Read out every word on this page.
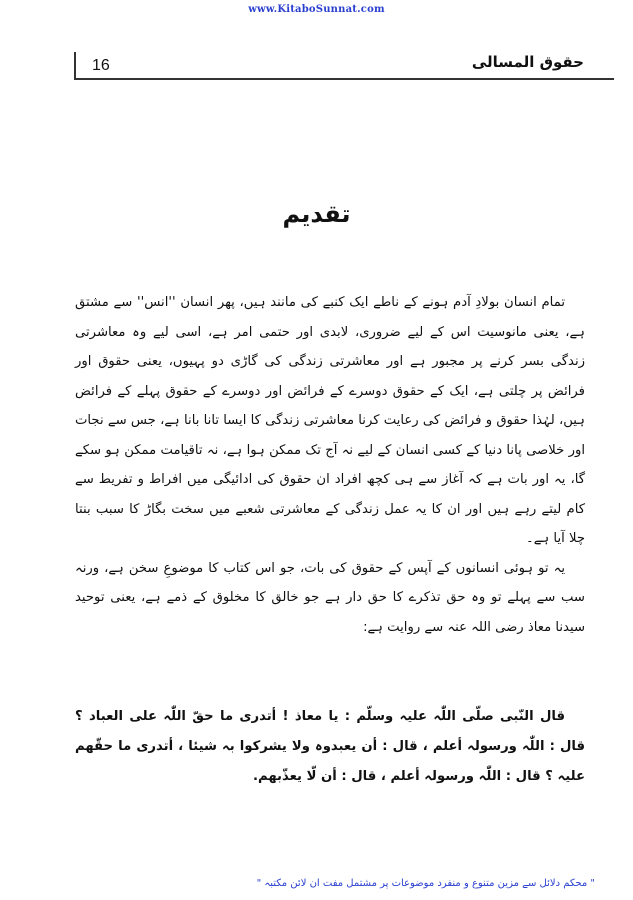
www.KitaboSunnat.com
16	حقوق المسالی
تقدیم

تمام انسان بولادِ آدم ہونے کے ناطے ایک کنبے کی مانند ہیں، پھر انسان ''انس'' سے مشتق ہے، یعنی مانوسیت اس کے لیے ضروری، لابدی اور حتمی امر ہے، اسی لیے وہ معاشرتی زندگی بسر کرنے پر مجبور ہے اور معاشرتی زندگی کی گاڑی دو پہیوں، یعنی حقوق اور فرائض پر چلتی ہے، ایک کے حقوق دوسرے کے فرائض اور دوسرے کے حقوق پہلے کے فرائض ہیں، لہٰذا حقوق و فرائض کی رعایت کرنا معاشرتی زندگی کا ایسا تانا بانا ہے، جس سے نجات اور خلاصی پانا دنیا کے کسی انسان کے لیے نہ آج تک ممکن ہوا ہے، نہ تاقیامت ممکن ہو سکے گا، یہ اور بات ہے کہ آغاز سے ہی کچھ افراد ان حقوق کی ادائیگی میں افراط و تفریط سے کام لیتے رہے ہیں اور ان کا یہ عمل زندگی کے معاشرتی شعبے میں سخت بگاڑ کا سبب بنتا چلا آیا ہے۔

یہ تو ہوئی انسانوں کے آپس کے حقوق کی بات، جو اس کتاب کا موضوعِ سخن ہے، ورنہ سب سے پہلے تو وہ حق تذکرے کا حق دار ہے جو خالق کا مخلوق کے ذمے ہے، یعنی توحید سیدنا معاذ رضی اللہ عنہ سے روایت ہے:

قال النّبی صلّی اللّٰہ علیہ وسلّم : یا معاذ ! أتدری ما حقّ اللّٰہ علی العباد ؟ قال : اللّٰہ ورسولہ أعلم ، قال : أن یعبدوہ ولا یشرکوا بہ شیئا ، أتدری ما حقّھم علیہ ؟ قال : اللّٰہ ورسولہ أعلم ، قال : أن لّا یعذّبھم.

" محکم دلائل سے مزین متنوع و منفرد موضوعات پر مشتمل مفت آن لائن مکتبہ "
